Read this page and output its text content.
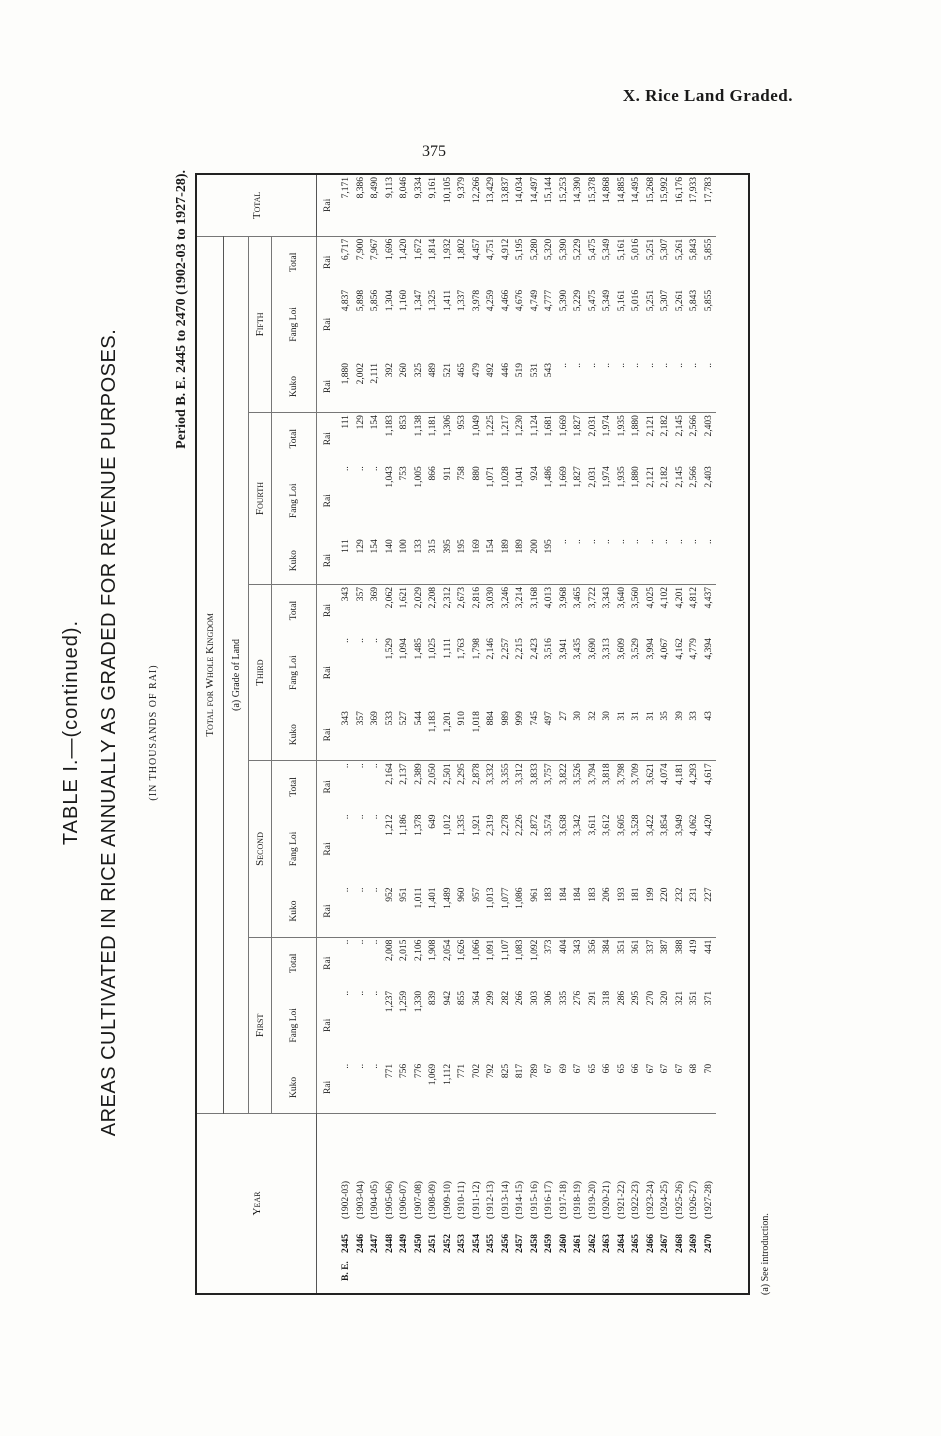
X. Rice Land Graded.
375
TABLE I.—(continued). AREAS CULTIVATED IN RICE ANNUALLY AS GRADED FOR REVENUE PURPOSES.	(IN THOUSANDS OF RAI)
Period B. E. 2445 to 2470 (1902-03 to 1927-28).
Year	Total for Whole Kingdom															Total
	(a) Grade of Land															
	First			Second			Third			Fourth			Fifth			
	Kuko	Fang Loi	Total	Kuko	Fang Loi	Total	Kuko	Fang Loi	Total	Kuko	Fang Loi	Total	Kuko	Fang Loi	Total	
	Rai	Rai	Rai	Rai	Rai	Rai	Rai	Rai	Rai	Rai	Rai	Rai	Rai	Rai	Rai	Rai
B. E.2445(1902-03)	..	..	..	..	..	..	343	..	343	111	..	111	1,880	4,837	6,717	7,171
2446(1903-04)	..	..	..	..	..	..	357	..	357	129	..	129	2,002	5,898	7,900	8,386
2447(1904-05)	..	..	..	..	..	..	369	..	369	154	..	154	2,111	5,856	7,967	8,490
2448(1905-06)	771	1,237	2,008	952	1,212	2,164	533	1,529	2,062	140	1,043	1,183	392	1,304	1,696	9,113
2449(1906-07)	756	1,259	2,015	951	1,186	2,137	527	1,094	1,621	100	753	853	260	1,160	1,420	8,046
2450(1907-08)	776	1,330	2,106	1,011	1,378	2,389	544	1,485	2,029	133	1,005	1,138	325	1,347	1,672	9,334
2451(1908-09)	1,069	839	1,908	1,401	649	2,050	1,183	1,025	2,208	315	866	1,181	489	1,325	1,814	9,161
2452(1909-10)	1,112	942	2,054	1,489	1,012	2,501	1,201	1,111	2,312	395	911	1,306	521	1,411	1,932	10,105
2453(1910-11)	771	855	1,626	960	1,335	2,295	910	1,763	2,673	195	758	953	465	1,337	1,802	9,379
2454(1911-12)	702	364	1,066	957	1,921	2,878	1,018	1,798	2,816	169	880	1,049	479	3,978	4,457	12,266
2455(1912-13)	792	299	1,091	1,013	2,319	3,332	884	2,146	3,030	154	1,071	1,225	492	4,259	4,751	13,429
2456(1913-14)	825	282	1,107	1,077	2,278	3,355	989	2,257	3,246	189	1,028	1,217	446	4,466	4,912	13,837
2457(1914-15)	817	266	1,083	1,086	2,226	3,312	999	2,215	3,214	189	1,041	1,230	519	4,676	5,195	14,034
2458(1915-16)	789	303	1,092	961	2,872	3,833	745	2,423	3,168	200	924	1,124	531	4,749	5,280	14,497
2459(1916-17)	67	306	373	183	3,574	3,757	497	3,516	4,013	195	1,486	1,681	543	4,777	5,320	15,144
2460(1917-18)	69	335	404	184	3,638	3,822	27	3,941	3,968	..	1,669	1,669	..	5,390	5,390	15,253
2461(1918-19)	67	276	343	184	3,342	3,526	30	3,435	3,465	..	1,827	1,827	..	5,229	5,229	14,390
2462(1919-20)	65	291	356	183	3,611	3,794	32	3,690	3,722	..	2,031	2,031	..	5,475	5,475	15,378
2463(1920-21)	66	318	384	206	3,612	3,818	30	3,313	3,343	..	1,974	1,974	..	5,349	5,349	14,868
2464(1921-22)	65	286	351	193	3,605	3,798	31	3,609	3,640	..	1,935	1,935	..	5,161	5,161	14,885
2465(1922-23)	66	295	361	181	3,528	3,709	31	3,529	3,560	..	1,880	1,880	..	5,016	5,016	14,495
2466(1923-24)	67	270	337	199	3,422	3,621	31	3,994	4,025	..	2,121	2,121	..	5,251	5,251	15,268
2467(1924-25)	67	320	387	220	3,854	4,074	35	4,067	4,102	..	2,182	2,182	..	5,307	5,307	15,992
2468(1925-26)	67	321	388	232	3,949	4,181	39	4,162	4,201	..	2,145	2,145	..	5,261	5,261	16,176
2469(1926-27)	68	351	419	231	4,062	4,293	33	4,779	4,812	..	2,566	2,566	..	5,843	5,843	17,933
2470(1927-28)	70	371	441	227	4,420	4,617	43	4,394	4,437	..	2,403	2,403	..	5,855	5,855	17,783
(a) See introduction.
